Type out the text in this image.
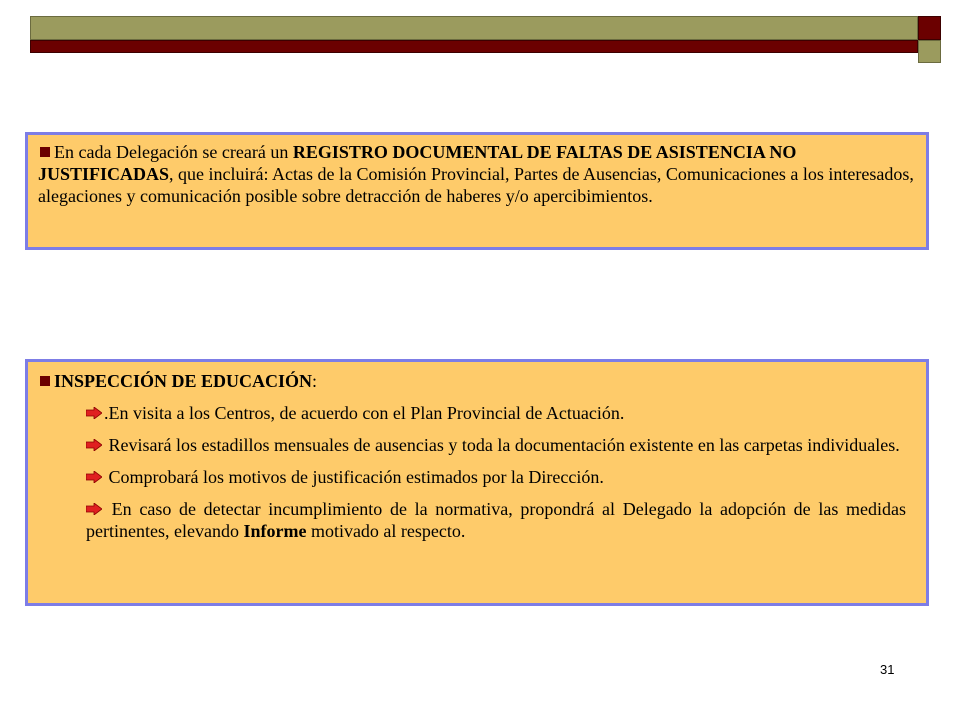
En cada Delegación se creará un REGISTRO DOCUMENTAL DE FALTAS DE ASISTENCIA NO JUSTIFICADAS, que incluirá: Actas de la Comisión Provincial, Partes de Ausencias, Comunicaciones a los interesados, alegaciones y comunicación posible sobre detracción de haberes y/o apercibimientos.
INSPECCIÓN DE EDUCACIÓN:
.En visita a los Centros, de acuerdo con el Plan Provincial de Actuación.
Revisará los estadillos mensuales de ausencias y toda la documentación existente en las carpetas individuales.
Comprobará los motivos de justificación estimados por la Dirección.
En caso de detectar incumplimiento de la normativa, propondrá al Delegado la adopción de las medidas pertinentes, elevando Informe motivado al respecto.
31
